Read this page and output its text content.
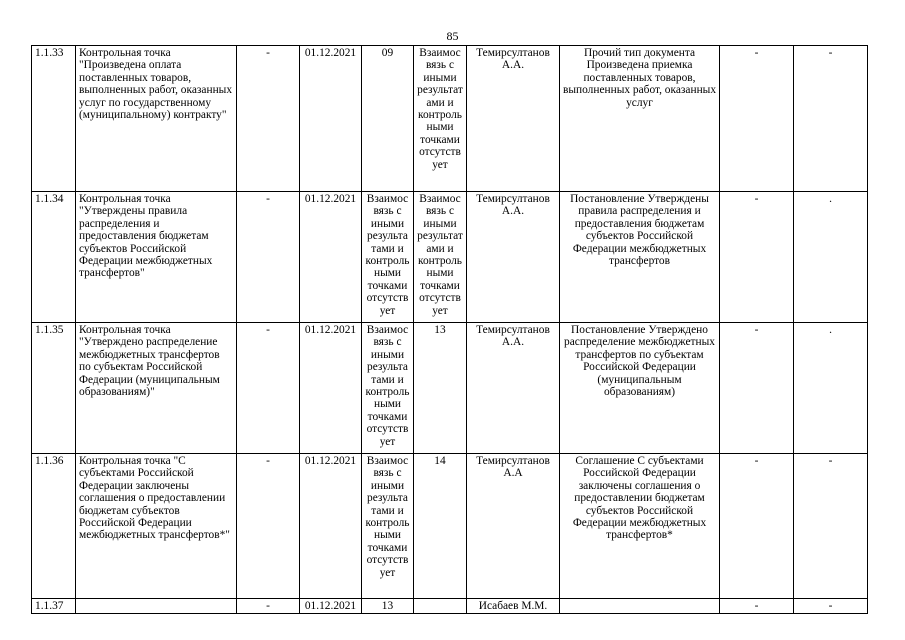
85
1.1.33	Контрольная точка "Произведена оплата поставленных товаров, выполненных работ, оказанных услуг по государственному (муниципальному) контракту"	-	01.12.2021	09	Взаимосвязь с иными результатами и контрольными точками отсутствует	Темирсултанов А.А.	Прочий тип документа Произведена приемка поставленных товаров, выполненных работ, оказанных услуг	-	-
1.1.34	Контрольная точка "Утверждены правила распределения и предоставления бюджетам субъектов Российской Федерации межбюджетных трансфертов"	-	01.12.2021	Взаимосвязь с иными результатами и контрольными точками отсутствует	Взаимосвязь с иными результатами и контрольными точками отсутствует	Темирсултанов А.А.	Постановление Утверждены правила распределения и предоставления бюджетам субъектов Российской Федерации межбюджетных трансфертов	-	.
1.1.35	Контрольная точка "Утверждено распределение межбюджетных трансфертов по субъектам Российской Федерации (муниципальным образованиям)"	-	01.12.2021	Взаимосвязь с иными результатами и контрольными точками отсутствует	13	Темирсултанов А.А.	Постановление Утверждено распределение межбюджетных трансфертов по субъектам Российской Федерации (муниципальным образованиям)	-	.
1.1.36	Контрольная точка "С субъектами Российской Федерации заключены соглашения о предоставлении бюджетам субъектов Российской Федерации межбюджетных трансфертов*"	-	01.12.2021	Взаимосвязь с иными результатами и контрольными точками отсутствует	14	Темирсултанов А.А	Соглашение С субъектами Российской Федерации заключены соглашения о предоставлении бюджетам субъектов Российской Федерации межбюджетных трансфертов*	-	-
1.1.37		-	01.12.2021	13		Исабаев М.М.		-	-
